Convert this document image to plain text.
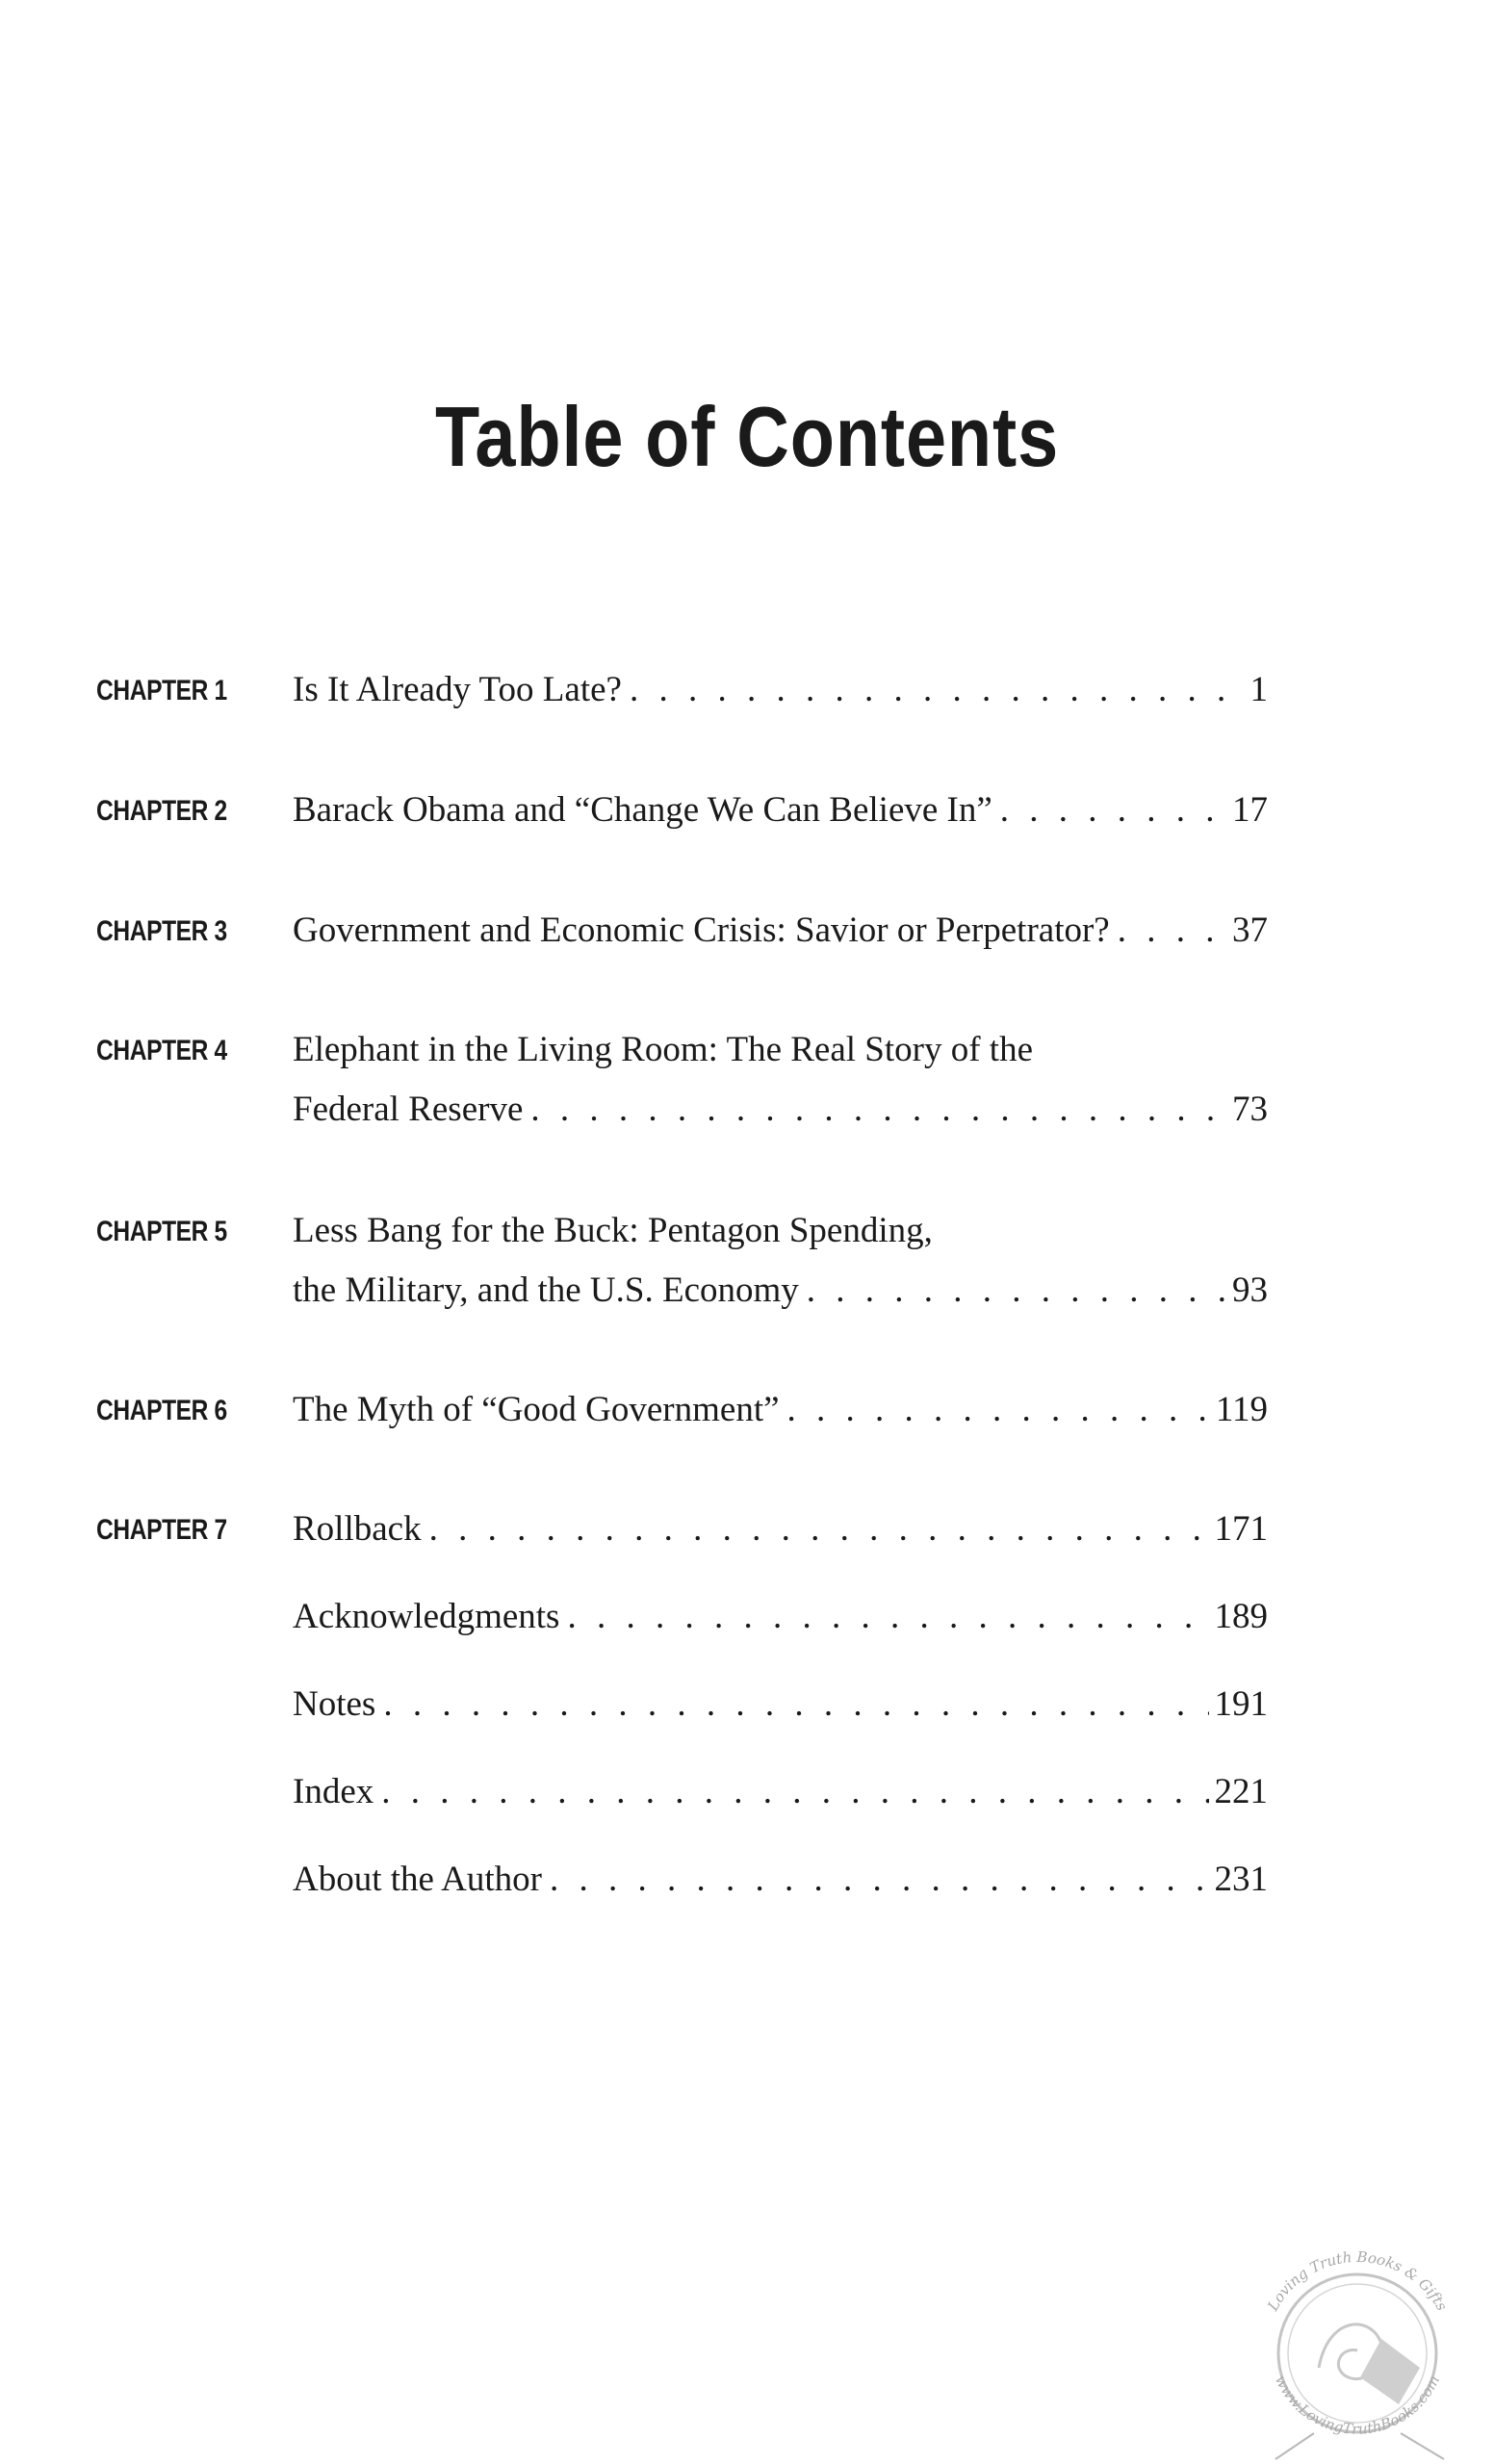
Table of Contents
CHAPTER 1 Is It Already Too Late? . . .	1
CHAPTER 2 Barack Obama and “Change We Can Believe In” . . .	17
CHAPTER 3 Government and Economic Crisis: Savior or Perpetrator? . . .	37
CHAPTER 4 Elephant in the Living Room: The Real Story of the
Federal Reserve . . .	73
CHAPTER 5 Less Bang for the Buck: Pentagon Spending,
the Military, and the U.S. Economy . . .	93
CHAPTER 6 The Myth of “Good Government” . . .	119
CHAPTER 7 Rollback . . .	171
Acknowledgments . . .	189
Notes . . .	191
Index . . .	221
About the Author . . .	231
Loving Truth Books & Gifts
www.LovingTruthBooks.com
